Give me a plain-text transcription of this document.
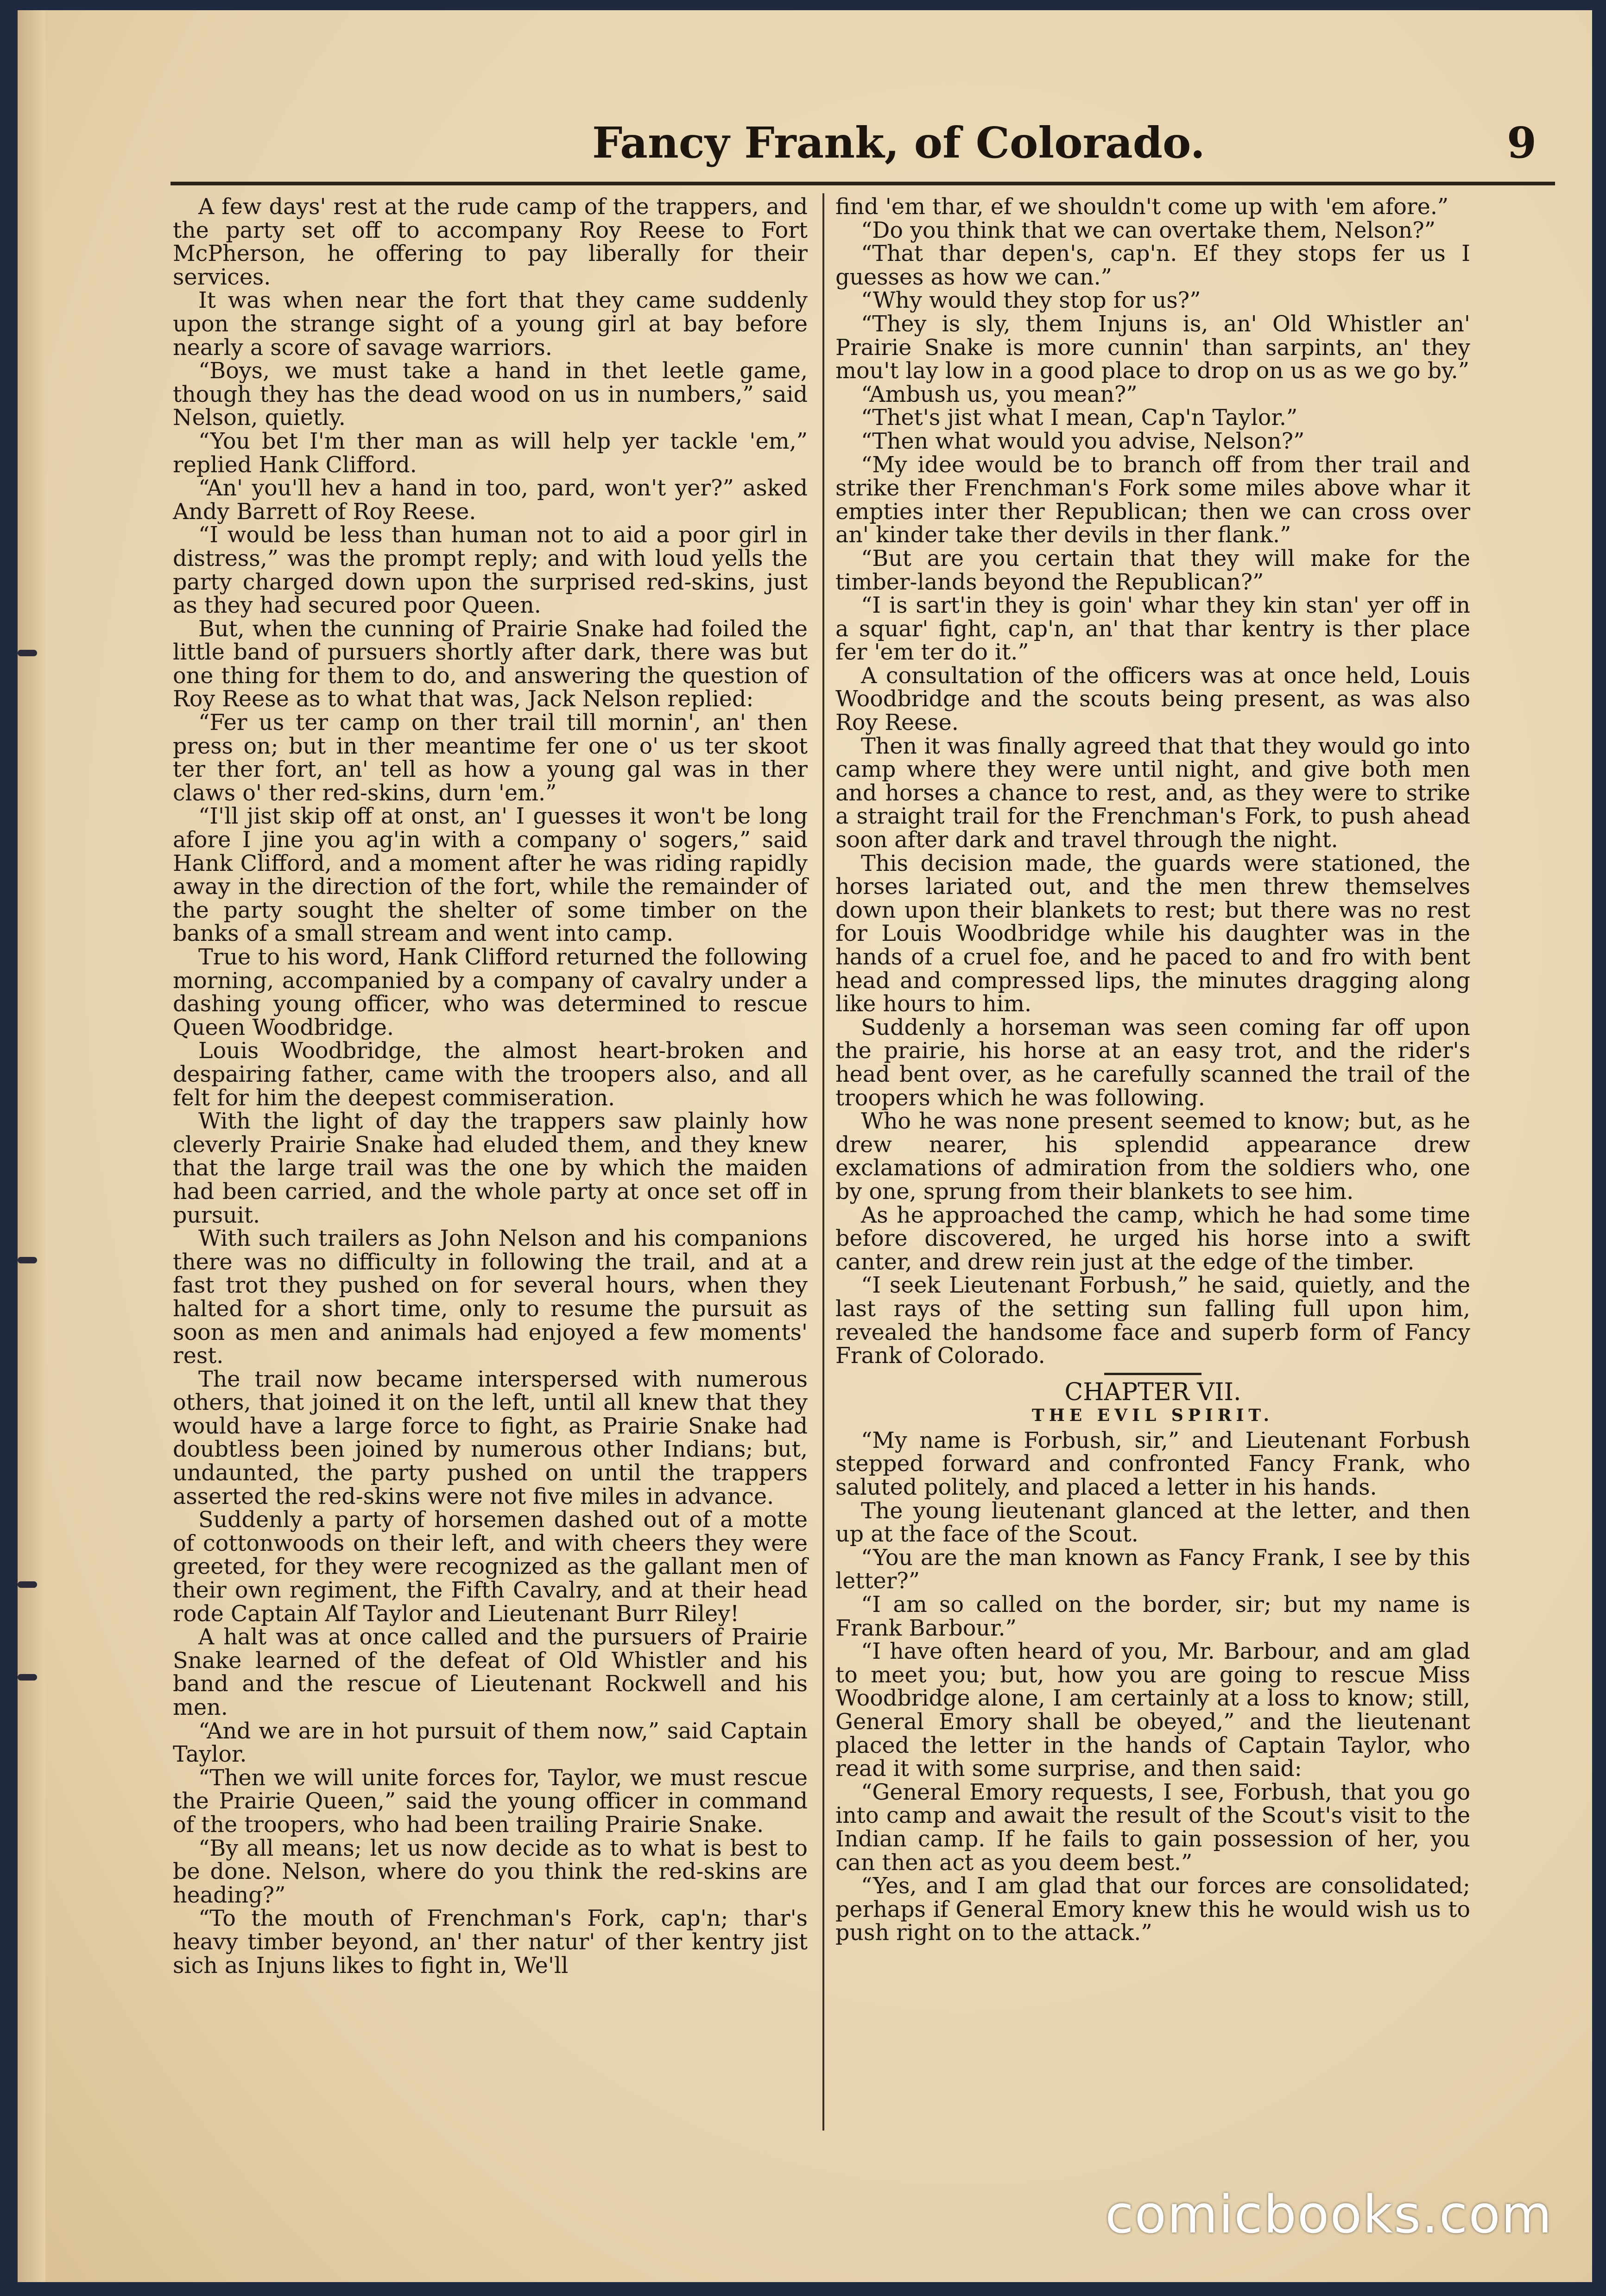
Fancy Frank, of Colorado.	9

A few days' rest at the rude camp of the trappers, and the party set off to accompany Roy Reese to Fort McPherson, he offering to pay liberally for their services.

It was when near the fort that they came suddenly upon the strange sight of a young girl at bay before nearly a score of savage warriors.

“Boys, we must take a hand in thet leetle game, though they has the dead wood on us in numbers,” said Nelson, quietly.

“You bet I'm ther man as will help yer tackle 'em,” replied Hank Clifford.

“An' you'll hev a hand in too, pard, won't yer?” asked Andy Barrett of Roy Reese.

“I would be less than human not to aid a poor girl in distress,” was the prompt reply; and with loud yells the party charged down upon the surprised red-skins, just as they had secured poor Queen.

But, when the cunning of Prairie Snake had foiled the little band of pursuers shortly after dark, there was but one thing for them to do, and answering the question of Roy Reese as to what that was, Jack Nelson replied:

“Fer us ter camp on ther trail till mornin', an' then press on; but in ther meantime fer one o' us ter skoot ter ther fort, an' tell as how a young gal was in ther claws o' ther red-skins, durn 'em.”

“I'll jist skip off at onst, an' I guesses it won't be long afore I jine you ag'in with a company o' sogers,” said Hank Clifford, and a moment after he was riding rapidly away in the direction of the fort, while the remainder of the party sought the shelter of some timber on the banks of a small stream and went into camp.

True to his word, Hank Clifford returned the following morning, accompanied by a company of cavalry under a dashing young officer, who was determined to rescue Queen Woodbridge.

Louis Woodbridge, the almost heart-broken and despairing father, came with the troopers also, and all felt for him the deepest commiseration.

With the light of day the trappers saw plainly how cleverly Prairie Snake had eluded them, and they knew that the large trail was the one by which the maiden had been carried, and the whole party at once set off in pursuit.

With such trailers as John Nelson and his companions there was no difficulty in following the trail, and at a fast trot they pushed on for several hours, when they halted for a short time, only to resume the pursuit as soon as men and animals had enjoyed a few moments' rest.

The trail now became interspersed with numerous others, that joined it on the left, until all knew that they would have a large force to fight, as Prairie Snake had doubtless been joined by numerous other Indians; but, undaunted, the party pushed on until the trappers asserted the red-skins were not five miles in advance.

Suddenly a party of horsemen dashed out of a motte of cottonwoods on their left, and with cheers they were greeted, for they were recognized as the gallant men of their own regiment, the Fifth Cavalry, and at their head rode Captain Alf Taylor and Lieutenant Burr Riley!

A halt was at once called and the pursuers of Prairie Snake learned of the defeat of Old Whistler and his band and the rescue of Lieutenant Rockwell and his men.

“And we are in hot pursuit of them now,” said Captain Taylor.

“Then we will unite forces for, Taylor, we must rescue the Prairie Queen,” said the young officer in command of the troopers, who had been trailing Prairie Snake.

“By all means; let us now decide as to what is best to be done. Nelson, where do you think the red-skins are heading?”

“To the mouth of Frenchman's Fork, cap'n; thar's heavy timber beyond, an' ther natur' of ther kentry jist sich as Injuns likes to fight in, We'll

find 'em thar, ef we shouldn't come up with 'em afore.”

“Do you think that we can overtake them, Nelson?”

“That thar depen's, cap'n. Ef they stops fer us I guesses as how we can.”

“Why would they stop for us?”

“They is sly, them Injuns is, an' Old Whistler an' Prairie Snake is more cunnin' than sarpints, an' they mou't lay low in a good place to drop on us as we go by.”

“Ambush us, you mean?”

“Thet's jist what I mean, Cap'n Taylor.”

“Then what would you advise, Nelson?”

“My idee would be to branch off from ther trail and strike ther Frenchman's Fork some miles above whar it empties inter ther Republican; then we can cross over an' kinder take ther devils in ther flank.”

“But are you certain that they will make for the timber-lands beyond the Republican?”

“I is sart'in they is goin' whar they kin stan' yer off in a squar' fight, cap'n, an' that thar kentry is ther place fer 'em ter do it.”

A consultation of the officers was at once held, Louis Woodbridge and the scouts being present, as was also Roy Reese.

Then it was finally agreed that that they would go into camp where they were until night, and give both men and horses a chance to rest, and, as they were to strike a straight trail for the Frenchman's Fork, to push ahead soon after dark and travel through the night.

This decision made, the guards were stationed, the horses lariated out, and the men threw themselves down upon their blankets to rest; but there was no rest for Louis Woodbridge while his daughter was in the hands of a cruel foe, and he paced to and fro with bent head and compressed lips, the minutes dragging along like hours to him.

Suddenly a horseman was seen coming far off upon the prairie, his horse at an easy trot, and the rider's head bent over, as he carefully scanned the trail of the troopers which he was following.

Who he was none present seemed to know; but, as he drew nearer, his splendid appearance drew exclamations of admiration from the soldiers who, one by one, sprung from their blankets to see him.

As he approached the camp, which he had some time before discovered, he urged his horse into a swift canter, and drew rein just at the edge of the timber.

“I seek Lieutenant Forbush,” he said, quietly, and the last rays of the setting sun falling full upon him, revealed the handsome face and superb form of Fancy Frank of Colorado.

CHAPTER VII.

THE EVIL SPIRIT.

“My name is Forbush, sir,” and Lieutenant Forbush stepped forward and confronted Fancy Frank, who saluted politely, and placed a letter in his hands.

The young lieutenant glanced at the letter, and then up at the face of the Scout.

“You are the man known as Fancy Frank, I see by this letter?”

“I am so called on the border, sir; but my name is Frank Barbour.”

“I have often heard of you, Mr. Barbour, and am glad to meet you; but, how you are going to rescue Miss Woodbridge alone, I am certainly at a loss to know; still, General Emory shall be obeyed,” and the lieutenant placed the letter in the hands of Captain Taylor, who read it with some surprise, and then said:

“General Emory requests, I see, Forbush, that you go into camp and await the result of the Scout's visit to the Indian camp. If he fails to gain possession of her, you can then act as you deem best.”

“Yes, and I am glad that our forces are consolidated; perhaps if General Emory knew this he would wish us to push right on to the attack.”

comicbooks.com
